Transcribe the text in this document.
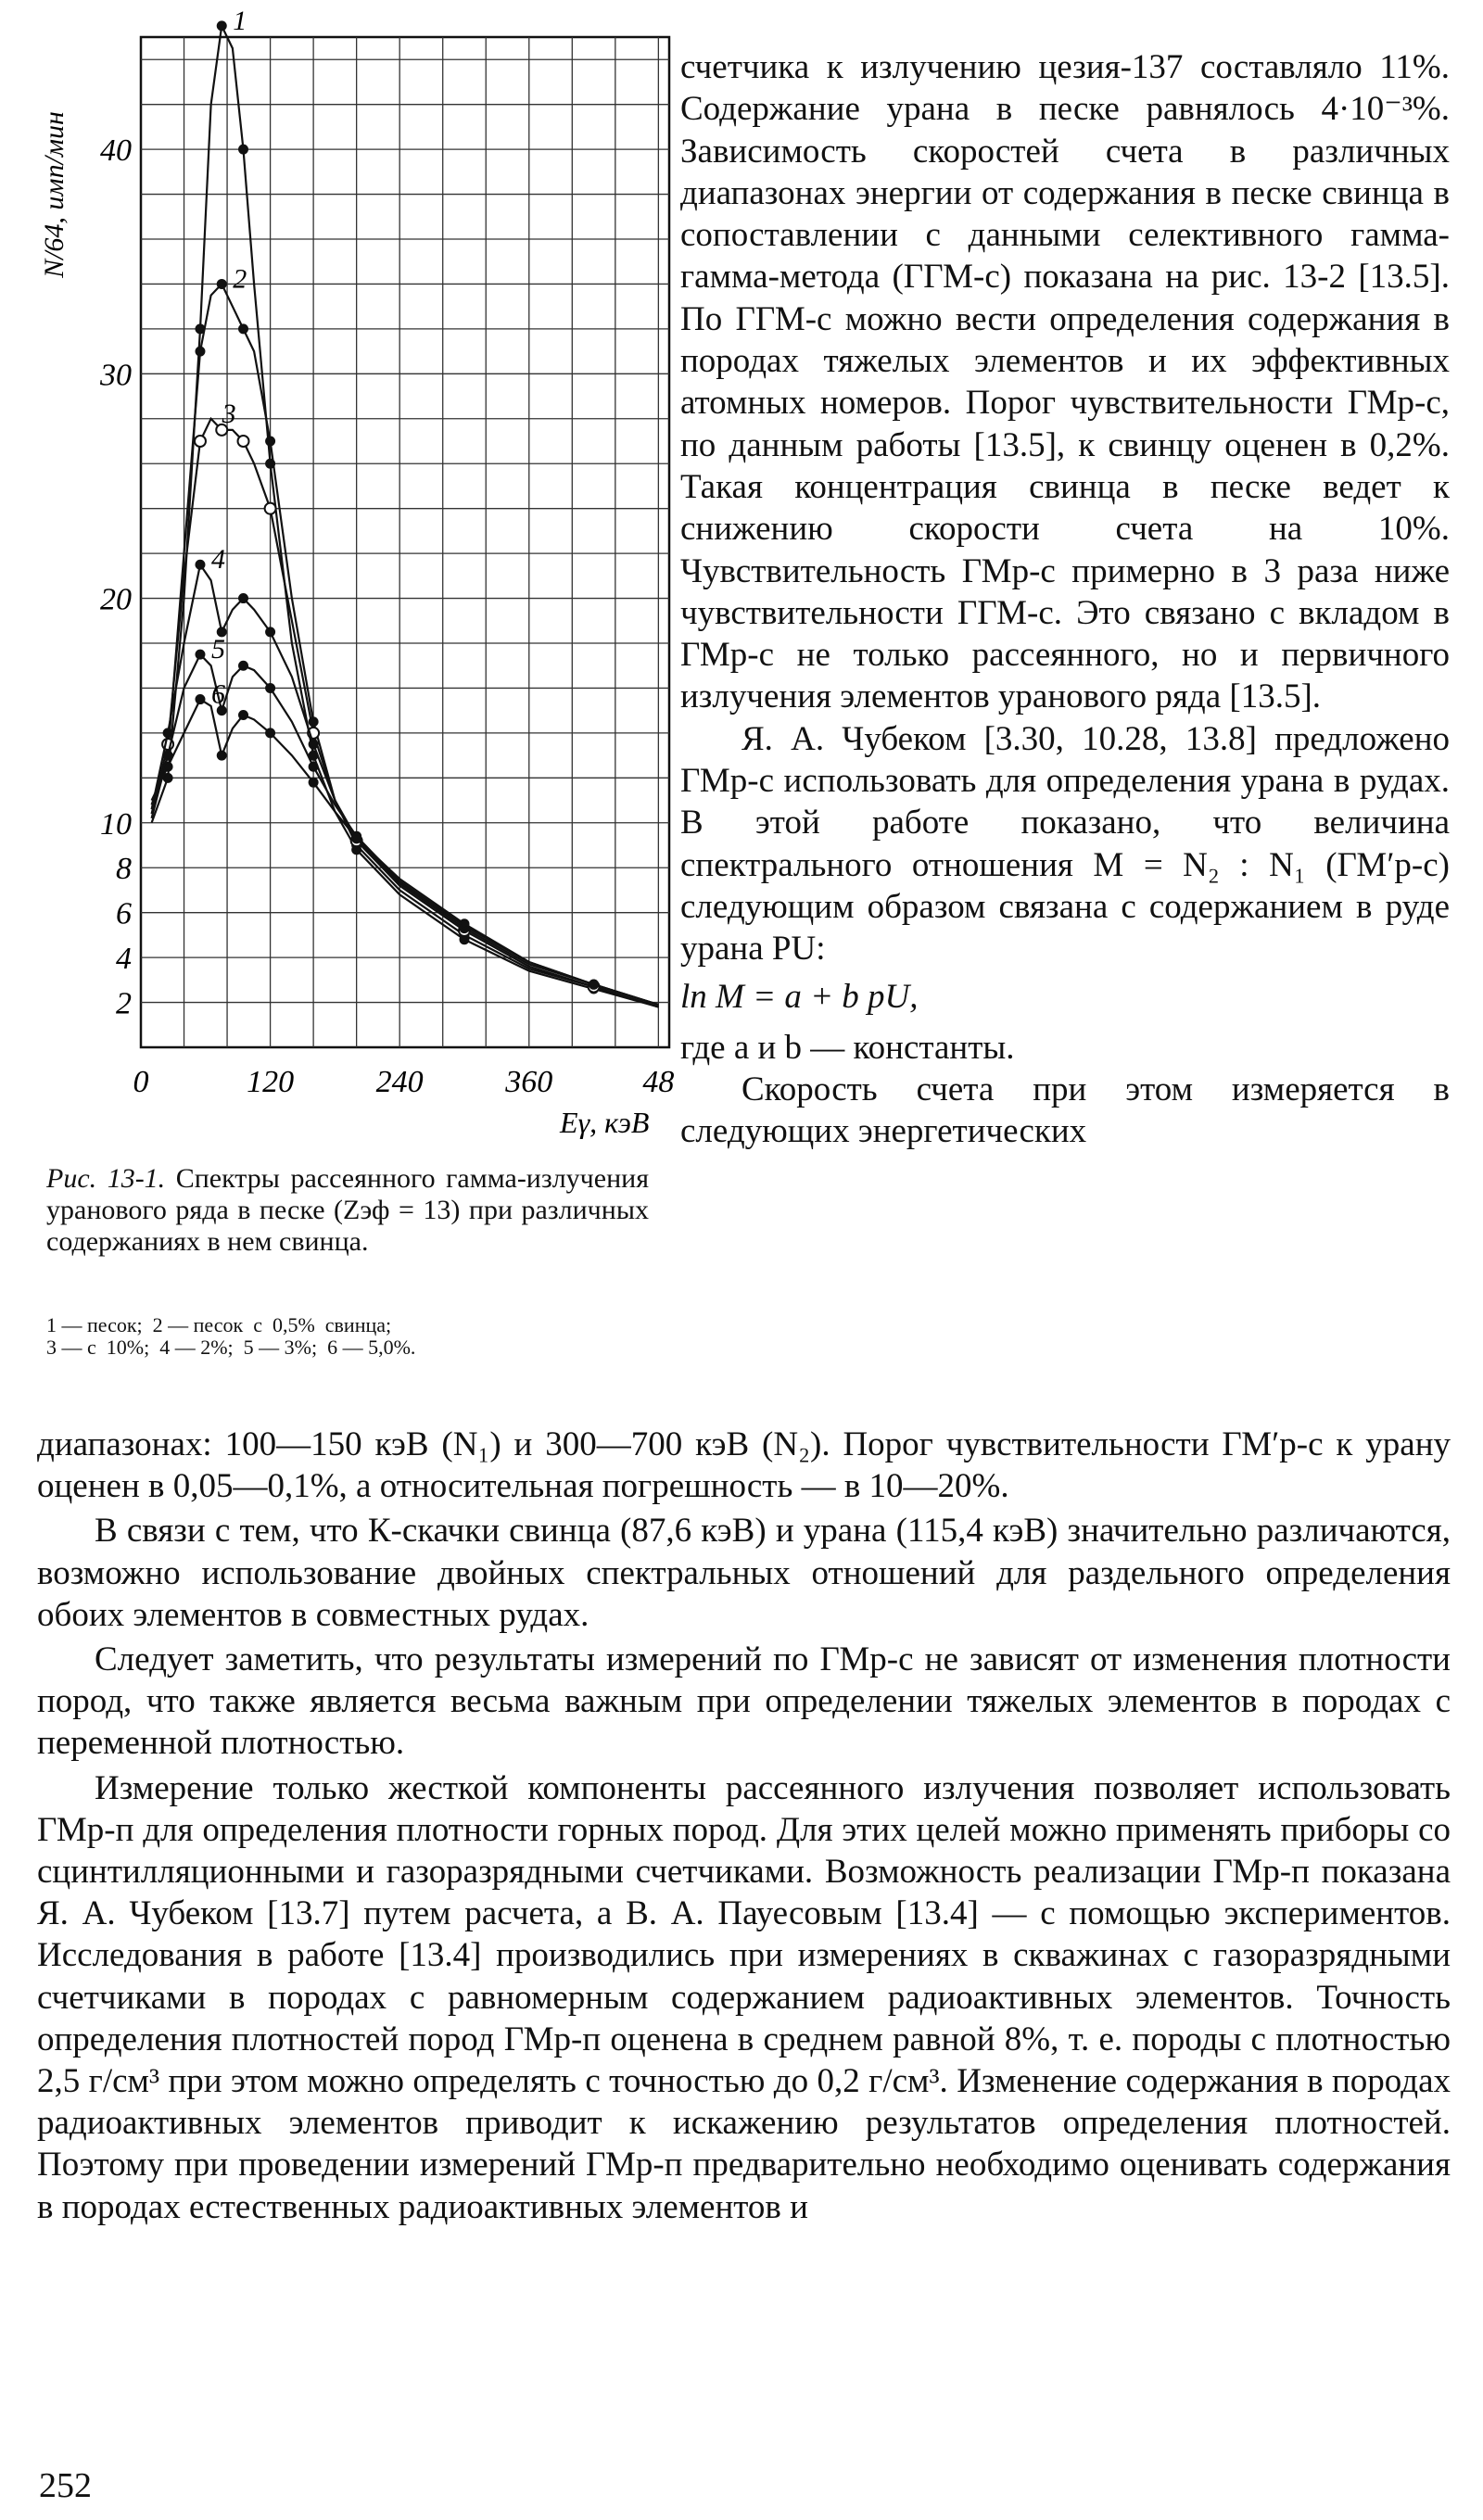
2
4
6
8
10
20
30
40
0	120	240	360	48
N/64, имп/мин
Eγ, кэВ
1
2
3
4
5
6
Рис. 13-1. Спектры рассеянного гамма-излучения уранового ряда в песке (Zэф = 13) при различных содержаниях в нем свинца.
1 — песок;  2 — песок  с  0,5%  свинца;
3 — с  10%;  4 — 2%;  5 — 3%;  6 — 5,0%.

счетчика к излучению цезия-137 составляло 11%. Содержание урана в песке равнялось 4·10⁻³%. Зависимость скоростей счета в различных диапазонах энергии от содержания в песке свинца в сопоставлении с данными селективного гамма-гамма-метода (ГГМ-с) показана на рис. 13-2 [13.5]. По ГГМ-с можно вести определения содержания в породах тяжелых элементов и их эффективных атомных номеров. Порог чувствительности ГМр-с, по данным работы [13.5], к свинцу оценен в 0,2%. Такая концентрация свинца в песке ведет к снижению скорости счета на 10%. Чувствительность ГМр-с примерно в 3 раза ниже чувствительности ГГМ-с. Это связано с вкладом в ГМр-с не только рассеянного, но и первичного излучения элементов уранового ряда [13.5].

Я. А. Чубеком [3.30, 10.28, 13.8] предложено ГМр-с использовать для определения урана в рудах. В этой работе показано, что величина спектрального отношения M = N₂ : N₁ (ГМ′р-с) следующим образом связана с содержанием в руде урана PU:

ln M = a + b pU,

где a и b — константы.

Скорость счета при этом измеряется в следующих энергетических

диапазонах: 100—150 кэВ (N₁) и 300—700 кэВ (N₂). Порог чувствительности ГМ′р-с к урану оценен в 0,05—0,1%, а относительная погрешность — в 10—20%.

В связи с тем, что К-скачки свинца (87,6 кэВ) и урана (115,4 кэВ) значительно различаются, возможно использование двойных спектральных отношений для раздельного определения обоих элементов в совместных рудах.

Следует заметить, что результаты измерений по ГМр-с не зависят от изменения плотности пород, что также является весьма важным при определении тяжелых элементов в породах с переменной плотностью.

Измерение только жесткой компоненты рассеянного излучения позволяет использовать ГМр-п для определения плотности горных пород. Для этих целей можно применять приборы со сцинтилляционными и газоразрядными счетчиками. Возможность реализации ГМр-п показана Я. А. Чубеком [13.7] путем расчета, а В. А. Пауесовым [13.4] — с помощью экспериментов. Исследования в работе [13.4] производились при измерениях в скважинах с газоразрядными счетчиками в породах с равномерным содержанием радиоактивных элементов. Точность определения плотностей пород ГМр-п оценена в среднем равной 8%, т. е. породы с плотностью 2,5 г/см³ при этом можно определять с точностью до 0,2 г/см³. Изменение содержания в породах радиоактивных элементов приводит к искажению результатов определения плотностей. Поэтому при проведении измерений ГМр-п предварительно необходимо оценивать содержания в породах естественных радиоактивных элементов и

252
